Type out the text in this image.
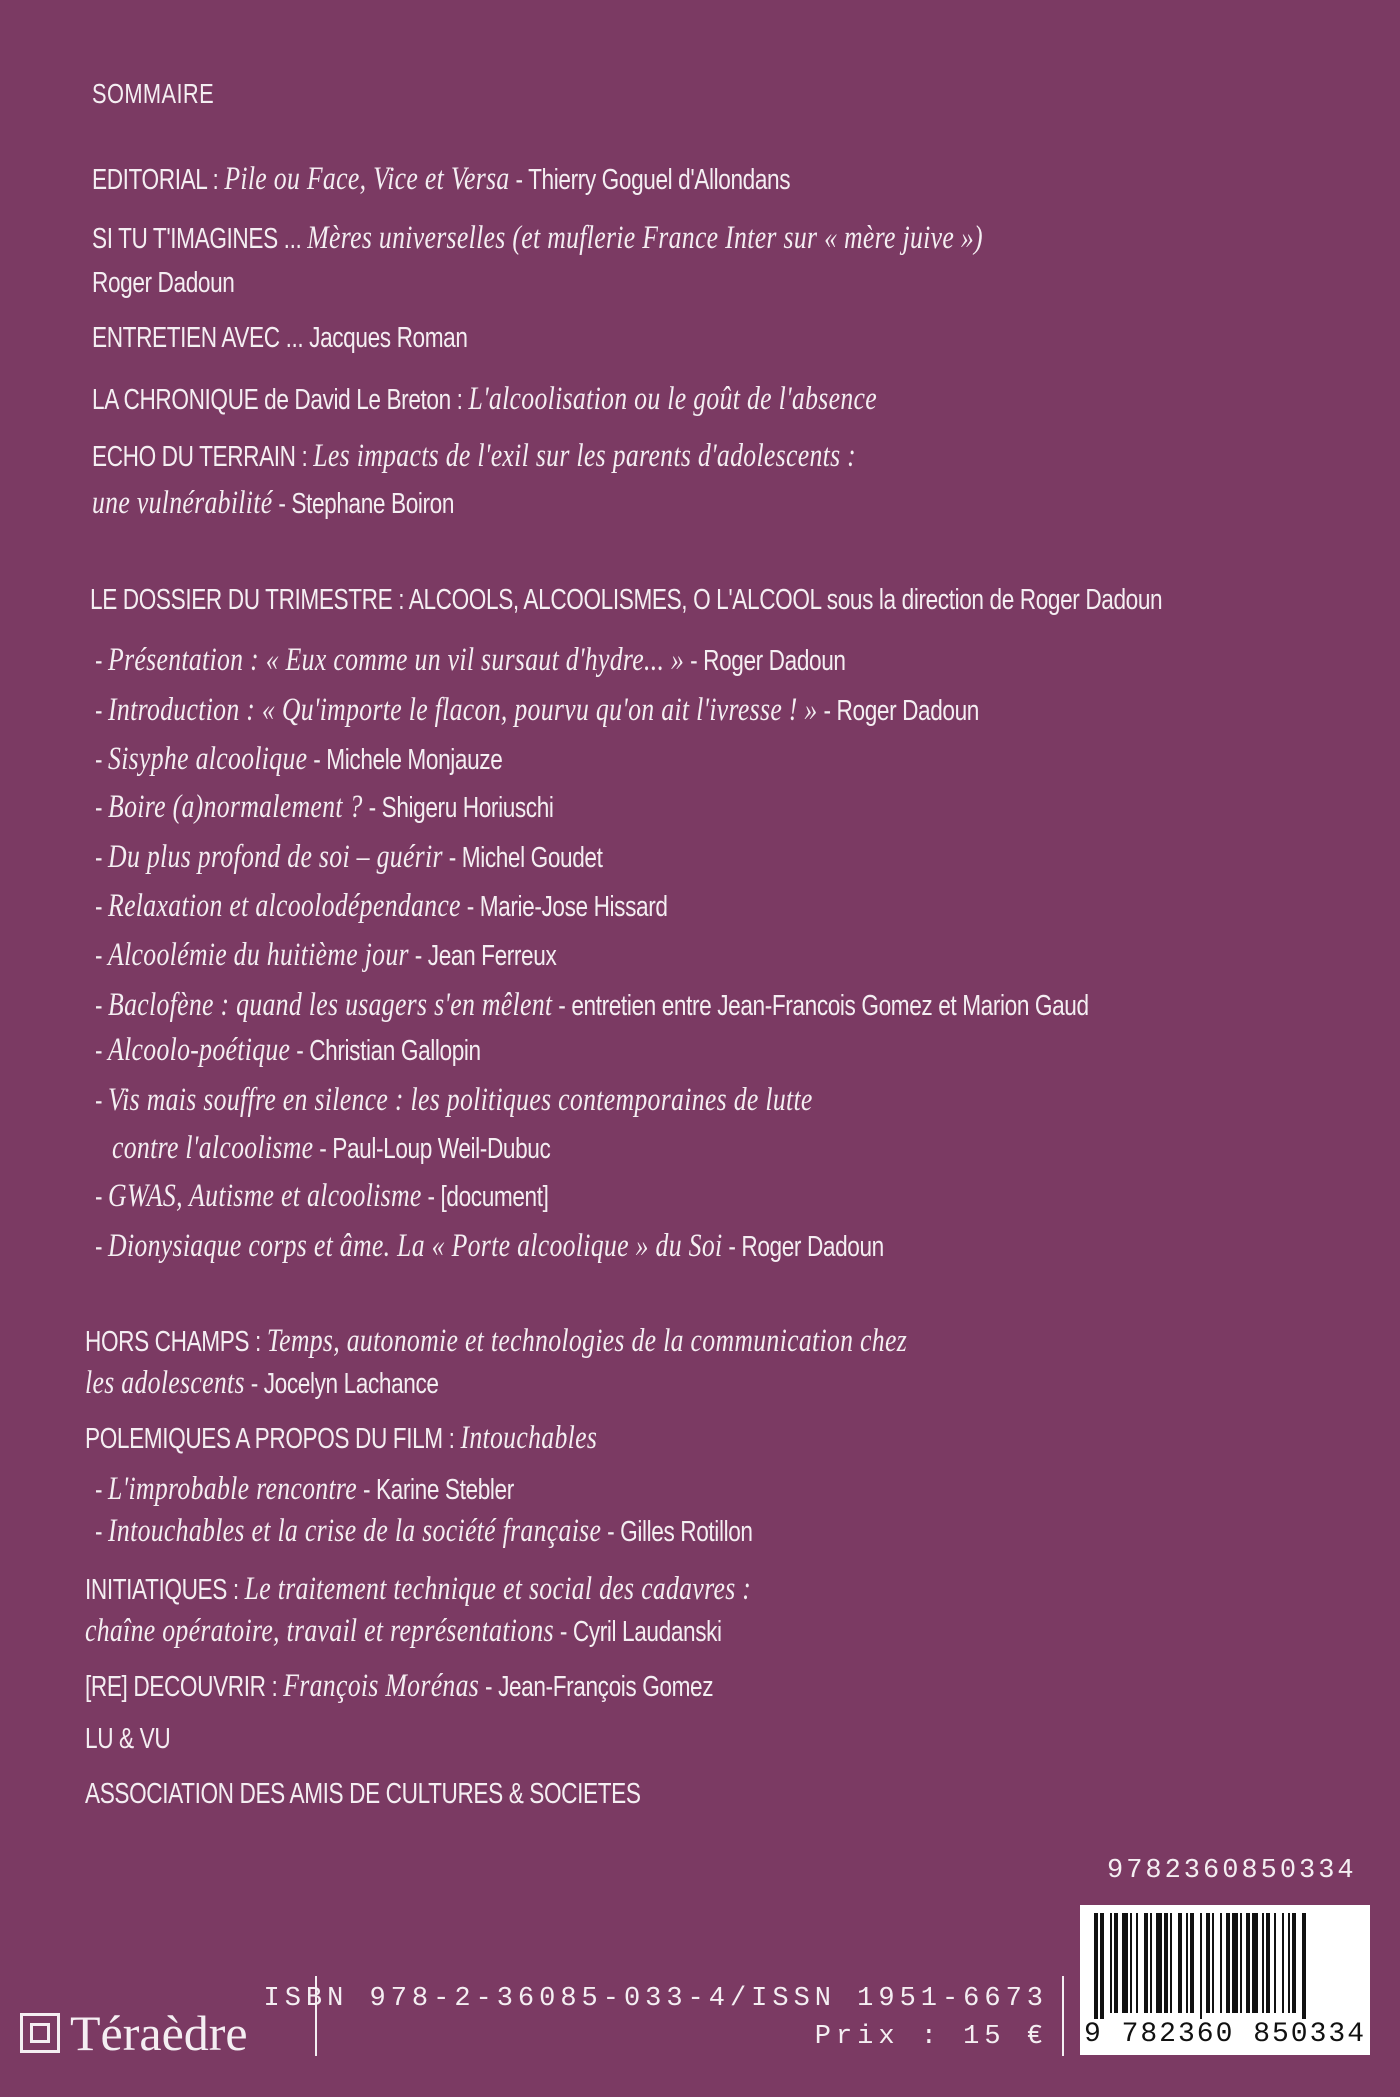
SOMMAIRE
EDITORIAL : Pile ou Face, Vice et Versa - Thierry Goguel d'Allondans
SI TU T'IMAGINES ... Mères universelles (et muflerie France Inter sur « mère juive »)
Roger Dadoun
ENTRETIEN AVEC ... Jacques Roman
LA CHRONIQUE de David Le Breton : L'alcoolisation ou le goût de l'absence
ECHO DU TERRAIN : Les impacts de l'exil sur les parents d'adolescents :
une vulnérabilité - Stephane Boiron
LE DOSSIER DU TRIMESTRE : ALCOOLS, ALCOOLISMES, O L'ALCOOL sous la direction de Roger Dadoun
- Présentation : « Eux comme un vil sursaut d'hydre... » - Roger Dadoun
- Introduction : « Qu'importe le flacon, pourvu qu'on ait l'ivresse ! » - Roger Dadoun
- Sisyphe alcoolique - Michele Monjauze
- Boire (a)normalement ? - Shigeru Horiuschi
- Du plus profond de soi – guérir - Michel Goudet
- Relaxation et alcoolodépendance - Marie-Jose Hissard
- Alcoolémie du huitième jour - Jean Ferreux
- Baclofène : quand les usagers s'en mêlent - entretien entre Jean-Francois Gomez et Marion Gaud
- Alcoolo-poétique - Christian Gallopin
- Vis mais souffre en silence : les politiques contemporaines de lutte
contre l'alcoolisme - Paul-Loup Weil-Dubuc
- GWAS, Autisme et alcoolisme - [document]
- Dionysiaque corps et âme. La « Porte alcoolique » du Soi - Roger Dadoun
HORS CHAMPS : Temps, autonomie et technologies de la communication chez
les adolescents - Jocelyn Lachance
POLEMIQUES A PROPOS DU FILM : Intouchables
- L'improbable rencontre - Karine Stebler
- Intouchables et la crise de la société française - Gilles Rotillon
INITIATIQUES : Le traitement technique et social des cadavres :
chaîne opératoire, travail et représentations - Cyril Laudanski
[RE] DECOUVRIR : François Morénas - Jean-François Gomez
LU & VU
ASSOCIATION DES AMIS DE CULTURES & SOCIETES
9782360850334
Téraèdre
ISBN 978-2-36085-033-4/ISSN 1951-6673
Prix : 15 € 9 782360 850334
